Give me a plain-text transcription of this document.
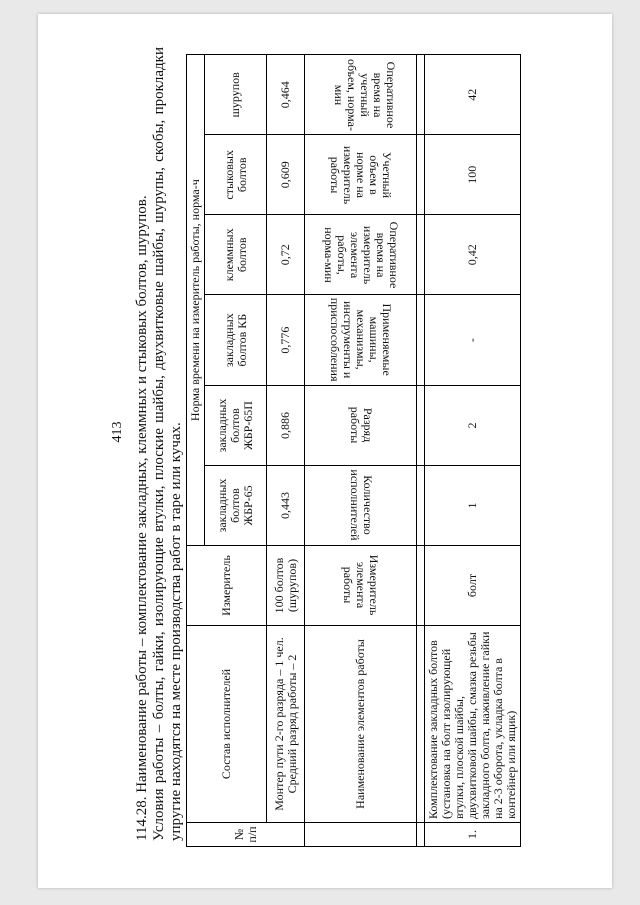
413 114.28. Наименование работы – комплектование закладных, клеммных и стыковых болтов, шурупов. Условия работы – болты, гайки, изолирующие втулки, плоские шайбы, двухвитковые шайбы, шурупы, скобы, прокладки упругие находятся на месте производства работ в таре или кучах.	№ п/п	Состав исполнителей	Измеритель	Норма времени на измеритель работы, норма-ч					
			закладных болтов ЖБР-65	закладных болтов ЖБР-65П	закладных болтов КБ	клеммных болтов	стыковых болтов	шурупов
	Монтер пути 2-го разряда – 1 чел. Средний разряд работы – 2	100 болтов (шурупов)	0,443	0,886	0,776	0,72	0,609	0,464
	Наименование элементов работы	Измеритель элемента работы	Количество исполнителей	Разряд работы	Применяемые машины, механизмы, инструменты и приспособления	Оперативное время на измеритель элемента работы, норма-мин	Учетный объем в норме на измеритель работы	Оперативное время на учетный объем, норма-мин

1.	Комплектование закладных болтов (установка на болт изолирующей втулки, плоской шайбы, двухвитковой шайбы, смазка резьбы закладного болта, наживление гайки на 2-3 оборота, укладка болта в контейнер или ящик)	болт	1	2	-	0,42	100	42
